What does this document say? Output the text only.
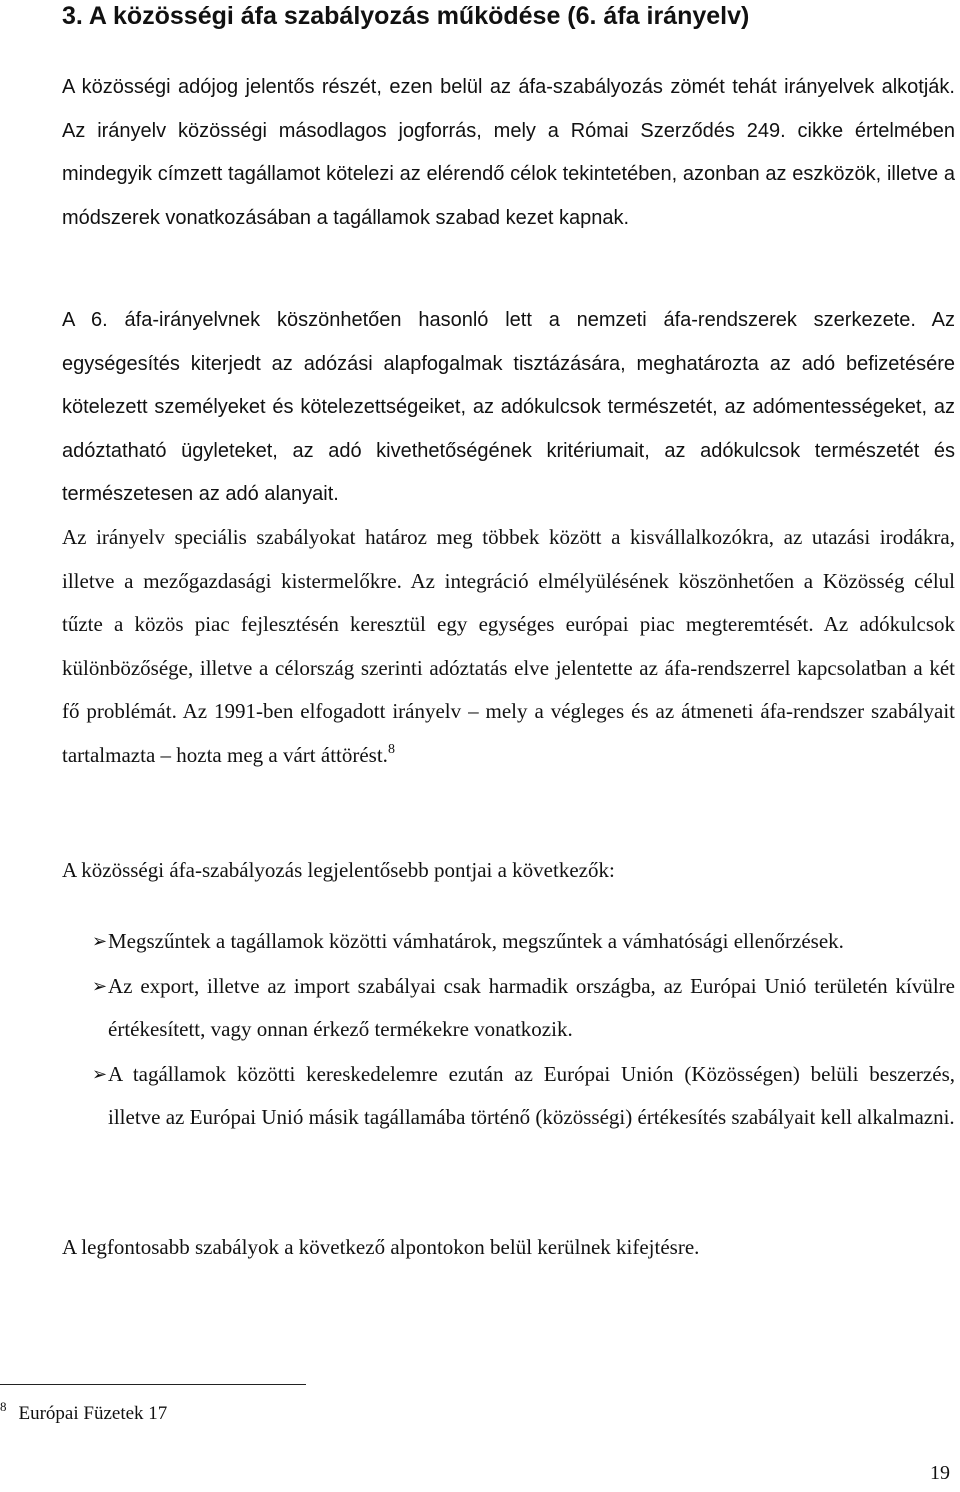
3. A közösségi áfa szabályozás működése (6. áfa irányelv)

A közösségi adójog jelentős részét, ezen belül az áfa-szabályozás zömét tehát irányelvek alkotják. Az irányelv közösségi másodlagos jogforrás, mely a Római Szerződés 249. cikke értelmében mindegyik címzett tagállamot kötelezi az elérendő célok tekintetében, azonban az eszközök, illetve a módszerek vonatkozásában a tagállamok szabad kezet kapnak.

A 6. áfa-irányelvnek köszönhetően hasonló lett a nemzeti áfa-rendszerek szerkezete. Az egységesítés kiterjedt az adózási alapfogalmak tisztázására, meghatározta az adó befizetésére kötelezett személyeket és kötelezettségeiket, az adókulcsok természetét, az adómentességeket, az adóztatható ügyleteket, az adó kivethetőségének kritériumait, az adókulcsok természetét és természetesen az adó alanyait.

Az irányelv speciális szabályokat határoz meg többek között a kisvállalkozókra, az utazási irodákra, illetve a mezőgazdasági kistermelőkre. Az integráció elmélyülésének köszönhetően a Közösség célul tűzte a közös piac fejlesztésén keresztül egy egységes európai piac megteremtését. Az adókulcsok különbözősége, illetve a célország szerinti adóztatás elve jelentette az áfa-rendszerrel kapcsolatban a két fő problémát. Az 1991-ben elfogadott irányelv – mely a végleges és az átmeneti áfa-rendszer szabályait tartalmazta – hozta meg a várt áttörést.$^8$

A közösségi áfa-szabályozás legjelentősebb pontjai a következők:

➢ Megszűntek a tagállamok közötti vámhatárok, megszűntek a vámhatósági ellenőrzések.
➢ Az export, illetve az import szabályai csak harmadik országba, az Európai Unió területén kívülre értékesített, vagy onnan érkező termékekre vonatkozik.
➢ A tagállamok közötti kereskedelemre ezután az Európai Unión (Közösségen) belüli beszerzés, illetve az Európai Unió másik tagállamába történő (közösségi) értékesítés szabályait kell alkalmazni.

A legfontosabb szabályok a következő alpontokon belül kerülnek kifejtésre.

$^8$ Európai Füzetek 17
19
